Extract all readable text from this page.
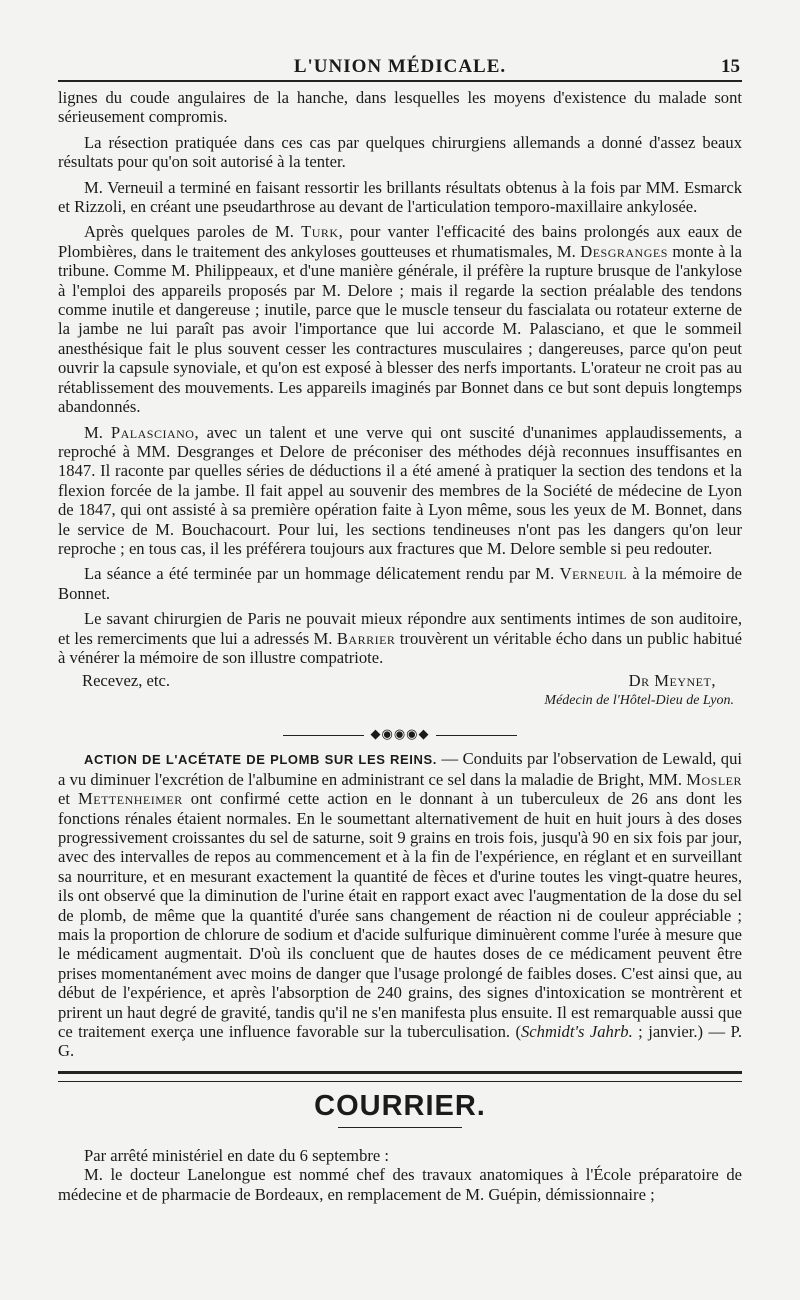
L'UNION MÉDICALE.	15

lignes du coude angulaires de la hanche, dans lesquelles les moyens d'existence du malade sont sérieusement compromis.

La résection pratiquée dans ces cas par quelques chirurgiens allemands a donné d'assez beaux résultats pour qu'on soit autorisé à la tenter.

M. Verneuil a terminé en faisant ressortir les brillants résultats obtenus à la fois par MM. Esmarck et Rizzoli, en créant une pseudarthrose au devant de l'articulation temporo-maxillaire ankylosée.

Après quelques paroles de M. Turk, pour vanter l'efficacité des bains prolongés aux eaux de Plombières, dans le traitement des ankyloses goutteuses et rhumatismales, M. Desgranges monte à la tribune. Comme M. Philippeaux, et d'une manière générale, il préfère la rupture brusque de l'ankylose à l'emploi des appareils proposés par M. Delore ; mais il regarde la section préalable des tendons comme inutile et dangereuse ; inutile, parce que le muscle tenseur du fascialata ou rotateur externe de la jambe ne lui paraît pas avoir l'importance que lui accorde M. Palasciano, et que le sommeil anesthésique fait le plus souvent cesser les contractures musculaires ; dangereuses, parce qu'on peut ouvrir la capsule synoviale, et qu'on est exposé à blesser des nerfs importants. L'orateur ne croit pas au rétablissement des mouvements. Les appareils imaginés par Bonnet dans ce but sont depuis longtemps abandonnés.

M. Palasciano, avec un talent et une verve qui ont suscité d'unanimes applaudissements, a reproché à MM. Desgranges et Delore de préconiser des méthodes déjà reconnues insuffisantes en 1847. Il raconte par quelles séries de déductions il a été amené à pratiquer la section des tendons et la flexion forcée de la jambe. Il fait appel au souvenir des membres de la Société de médecine de Lyon de 1847, qui ont assisté à sa première opération faite à Lyon même, sous les yeux de M. Bonnet, dans le service de M. Bouchacourt. Pour lui, les sections tendineuses n'ont pas les dangers qu'on leur reproche ; en tous cas, il les préférera toujours aux fractures que M. Delore semble si peu redouter.

La séance a été terminée par un hommage délicatement rendu par M. Verneuil à la mémoire de Bonnet.

Le savant chirurgien de Paris ne pouvait mieux répondre aux sentiments intimes de son auditoire, et les remerciments que lui a adressés M. Barrier trouvèrent un véritable écho dans un public habitué à vénérer la mémoire de son illustre compatriote.

Recevez, etc.	Dr Meynet,
Médecin de l'Hôtel-Dieu de Lyon.
◆◉◉◉◆

ACTION DE L'ACÉTATE DE PLOMB SUR LES REINS. — Conduits par l'observation de Lewald, qui a vu diminuer l'excrétion de l'albumine en administrant ce sel dans la maladie de Bright, MM. Mosler et Mettenheimer ont confirmé cette action en le donnant à un tuberculeux de 26 ans dont les fonctions rénales étaient normales. En le soumettant alternativement de huit en huit jours à des doses progressivement croissantes du sel de saturne, soit 9 grains en trois fois, jusqu'à 90 en six fois par jour, avec des intervalles de repos au commencement et à la fin de l'expérience, en réglant et en surveillant sa nourriture, et en mesurant exactement la quantité de fèces et d'urine toutes les vingt-quatre heures, ils ont observé que la diminution de l'urine était en rapport exact avec l'augmentation de la dose du sel de plomb, de même que la quantité d'urée sans changement de réaction ni de couleur appréciable ; mais la proportion de chlorure de sodium et d'acide sulfurique diminuèrent comme l'urée à mesure que le médicament augmentait. D'où ils concluent que de hautes doses de ce médicament peuvent être prises momentanément avec moins de danger que l'usage prolongé de faibles doses. C'est ainsi que, au début de l'expérience, et après l'absorption de 240 grains, des signes d'intoxication se montrèrent et prirent un haut degré de gravité, tandis qu'il ne s'en manifesta plus ensuite. Il est remarquable aussi que ce traitement exerça une influence favorable sur la tuberculisation. (Schmidt's Jahrb. ; janvier.) — P. G.

COURRIER.

Par arrêté ministériel en date du 6 septembre :

M. le docteur Lanelongue est nommé chef des travaux anatomiques à l'École préparatoire de médecine et de pharmacie de Bordeaux, en remplacement de M. Guépin, démissionnaire ;
